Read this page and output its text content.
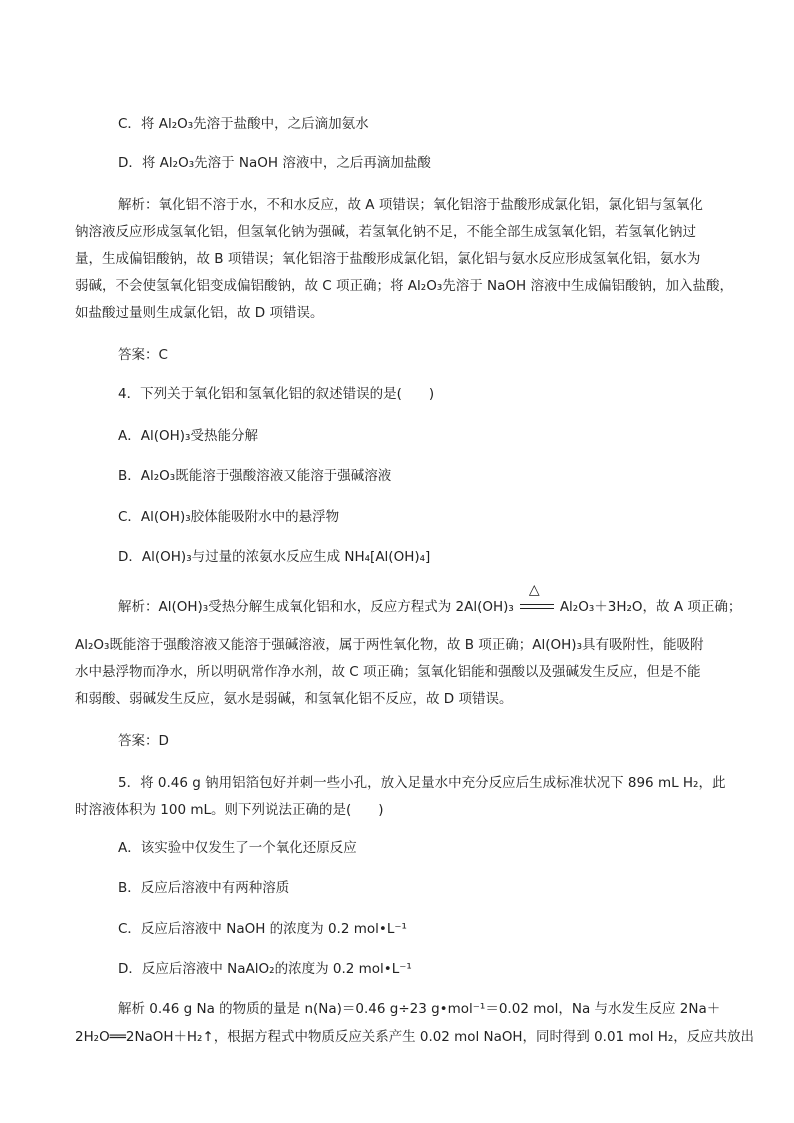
C．将 Al₂O₃先溶于盐酸中，之后滴加氨水
D．将 Al₂O₃先溶于 NaOH 溶液中，之后再滴加盐酸
解析：氧化铝不溶于水，不和水反应，故 A 项错误；氧化铝溶于盐酸形成氯化铝，氯化铝与氢氧化
钠溶液反应形成氢氧化铝，但氢氧化钠为强碱，若氢氧化钠不足，不能全部生成氢氧化铝，若氢氧化钠过
量，生成偏铝酸钠，故 B 项错误；氧化铝溶于盐酸形成氯化铝，氯化铝与氨水反应形成氢氧化铝，氨水为
弱碱，不会使氢氧化铝变成偏铝酸钠，故 C 项正确；将 Al₂O₃先溶于 NaOH 溶液中生成偏铝酸钠，加入盐酸，
如盐酸过量则生成氯化铝，故 D 项错误。
答案：C
4．下列关于氧化铝和氢氧化铝的叙述错误的是(　　)
A．Al(OH)₃受热能分解
B．Al₂O₃既能溶于强酸溶液又能溶于强碱溶液
C．Al(OH)₃胶体能吸附水中的悬浮物
D．Al(OH)₃与过量的浓氨水反应生成 NH₄[Al(OH)₄]
解析：Al(OH)₃受热分解生成氧化铝和水，反应方程式为 2Al(OH)₃
△
Al₂O₃＋3H₂O，故 A 项正确；
Al₂O₃既能溶于强酸溶液又能溶于强碱溶液，属于两性氧化物，故 B 项正确；Al(OH)₃具有吸附性，能吸附
水中悬浮物而净水，所以明矾常作净水剂，故 C 项正确；氢氧化铝能和强酸以及强碱发生反应，但是不能
和弱酸、弱碱发生反应，氨水是弱碱，和氢氧化铝不反应，故 D 项错误。
答案：D
5．将 0.46 g 钠用铝箔包好并刺一些小孔，放入足量水中充分反应后生成标准状况下 896 mL H₂，此
时溶液体积为 100 mL。则下列说法正确的是(　　)
A．该实验中仅发生了一个氧化还原反应
B．反应后溶液中有两种溶质
C．反应后溶液中 NaOH 的浓度为 0.2 mol•L⁻¹
D．反应后溶液中 NaAlO₂的浓度为 0.2 mol•L⁻¹
解析 0.46 g Na 的物质的量是 n(Na)＝0.46 g÷23 g•mol⁻¹＝0.02 mol，Na 与水发生反应 2Na＋
2H₂O══2NaOH＋H₂↑，根据方程式中物质反应关系产生 0.02 mol NaOH，同时得到 0.01 mol H₂，反应共放出
